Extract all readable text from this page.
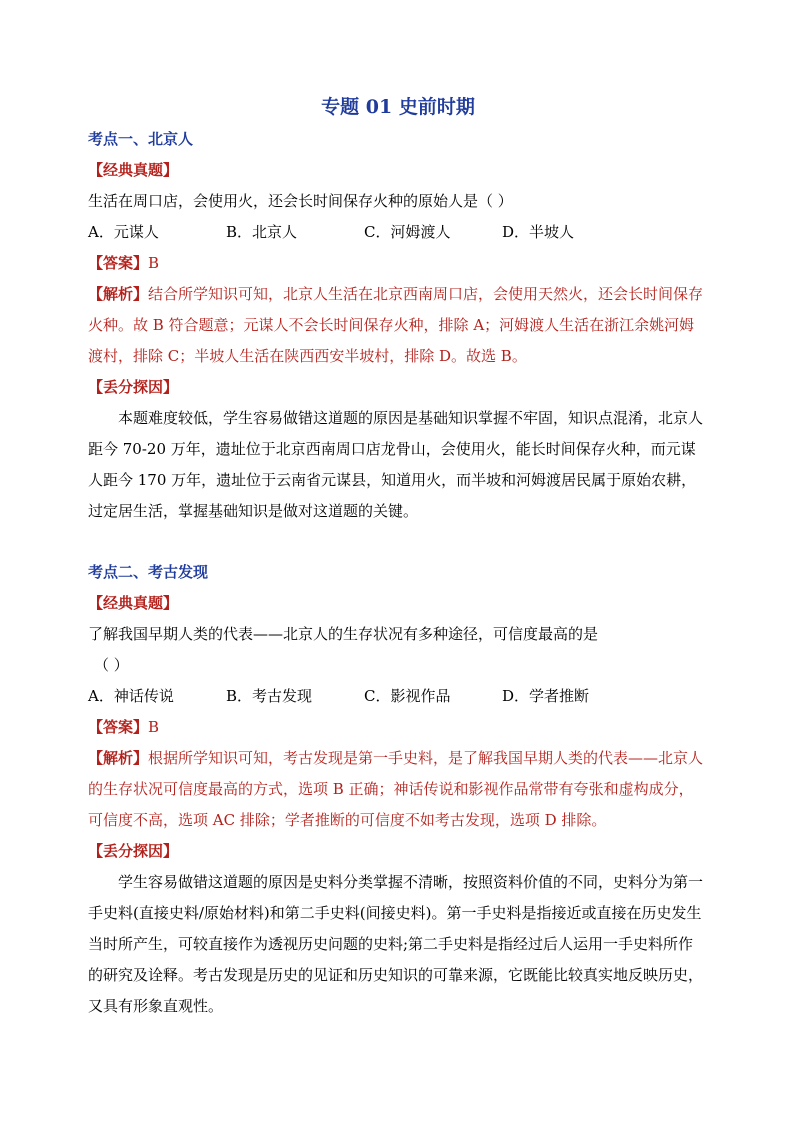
专题 01 史前时期

考点一、北京人

【经典真题】

生活在周口店，会使用火，还会长时间保存火种的原始人是（ ）

A．元谋人	B．北京人	C．河姆渡人	D．半坡人

【答案】B

【解析】结合所学知识可知，北京人生活在北京西南周口店，会使用天然火，还会长时间保存火种。故 B 符合题意；元谋人不会长时间保存火种，排除 A；河姆渡人生活在浙江余姚河姆渡村，排除 C；半坡人生活在陕西西安半坡村，排除 D。故选 B。

【丢分探因】

本题难度较低，学生容易做错这道题的原因是基础知识掌握不牢固，知识点混淆，北京人距今 70-20 万年，遗址位于北京西南周口店龙骨山，会使用火，能长时间保存火种，而元谋人距今 170 万年，遗址位于云南省元谋县，知道用火，而半坡和河姆渡居民属于原始农耕，过定居生活，掌握基础知识是做对这道题的关键。

考点二、考古发现

【经典真题】

了解我国早期人类的代表——北京人的生存状况有多种途径，可信度最高的是

（ ）

A．神话传说	B．考古发现	C．影视作品	D．学者推断

【答案】B

【解析】根据所学知识可知，考古发现是第一手史料，是了解我国早期人类的代表——北京人的生存状况可信度最高的方式，选项 B 正确；神话传说和影视作品常带有夸张和虚构成分，可信度不高，选项 AC 排除；学者推断的可信度不如考古发现，选项 D 排除。

【丢分探因】

学生容易做错这道题的原因是史料分类掌握不清晰，按照资料价值的不同，史料分为第一手史料(直接史料/原始材料)和第二手史料(间接史料)。第一手史料是指接近或直接在历史发生当时所产生，可较直接作为透视历史问题的史料;第二手史料是指经过后人运用一手史料所作的研究及诠释。考古发现是历史的见证和历史知识的可靠来源，它既能比较真实地反映历史，又具有形象直观性。
